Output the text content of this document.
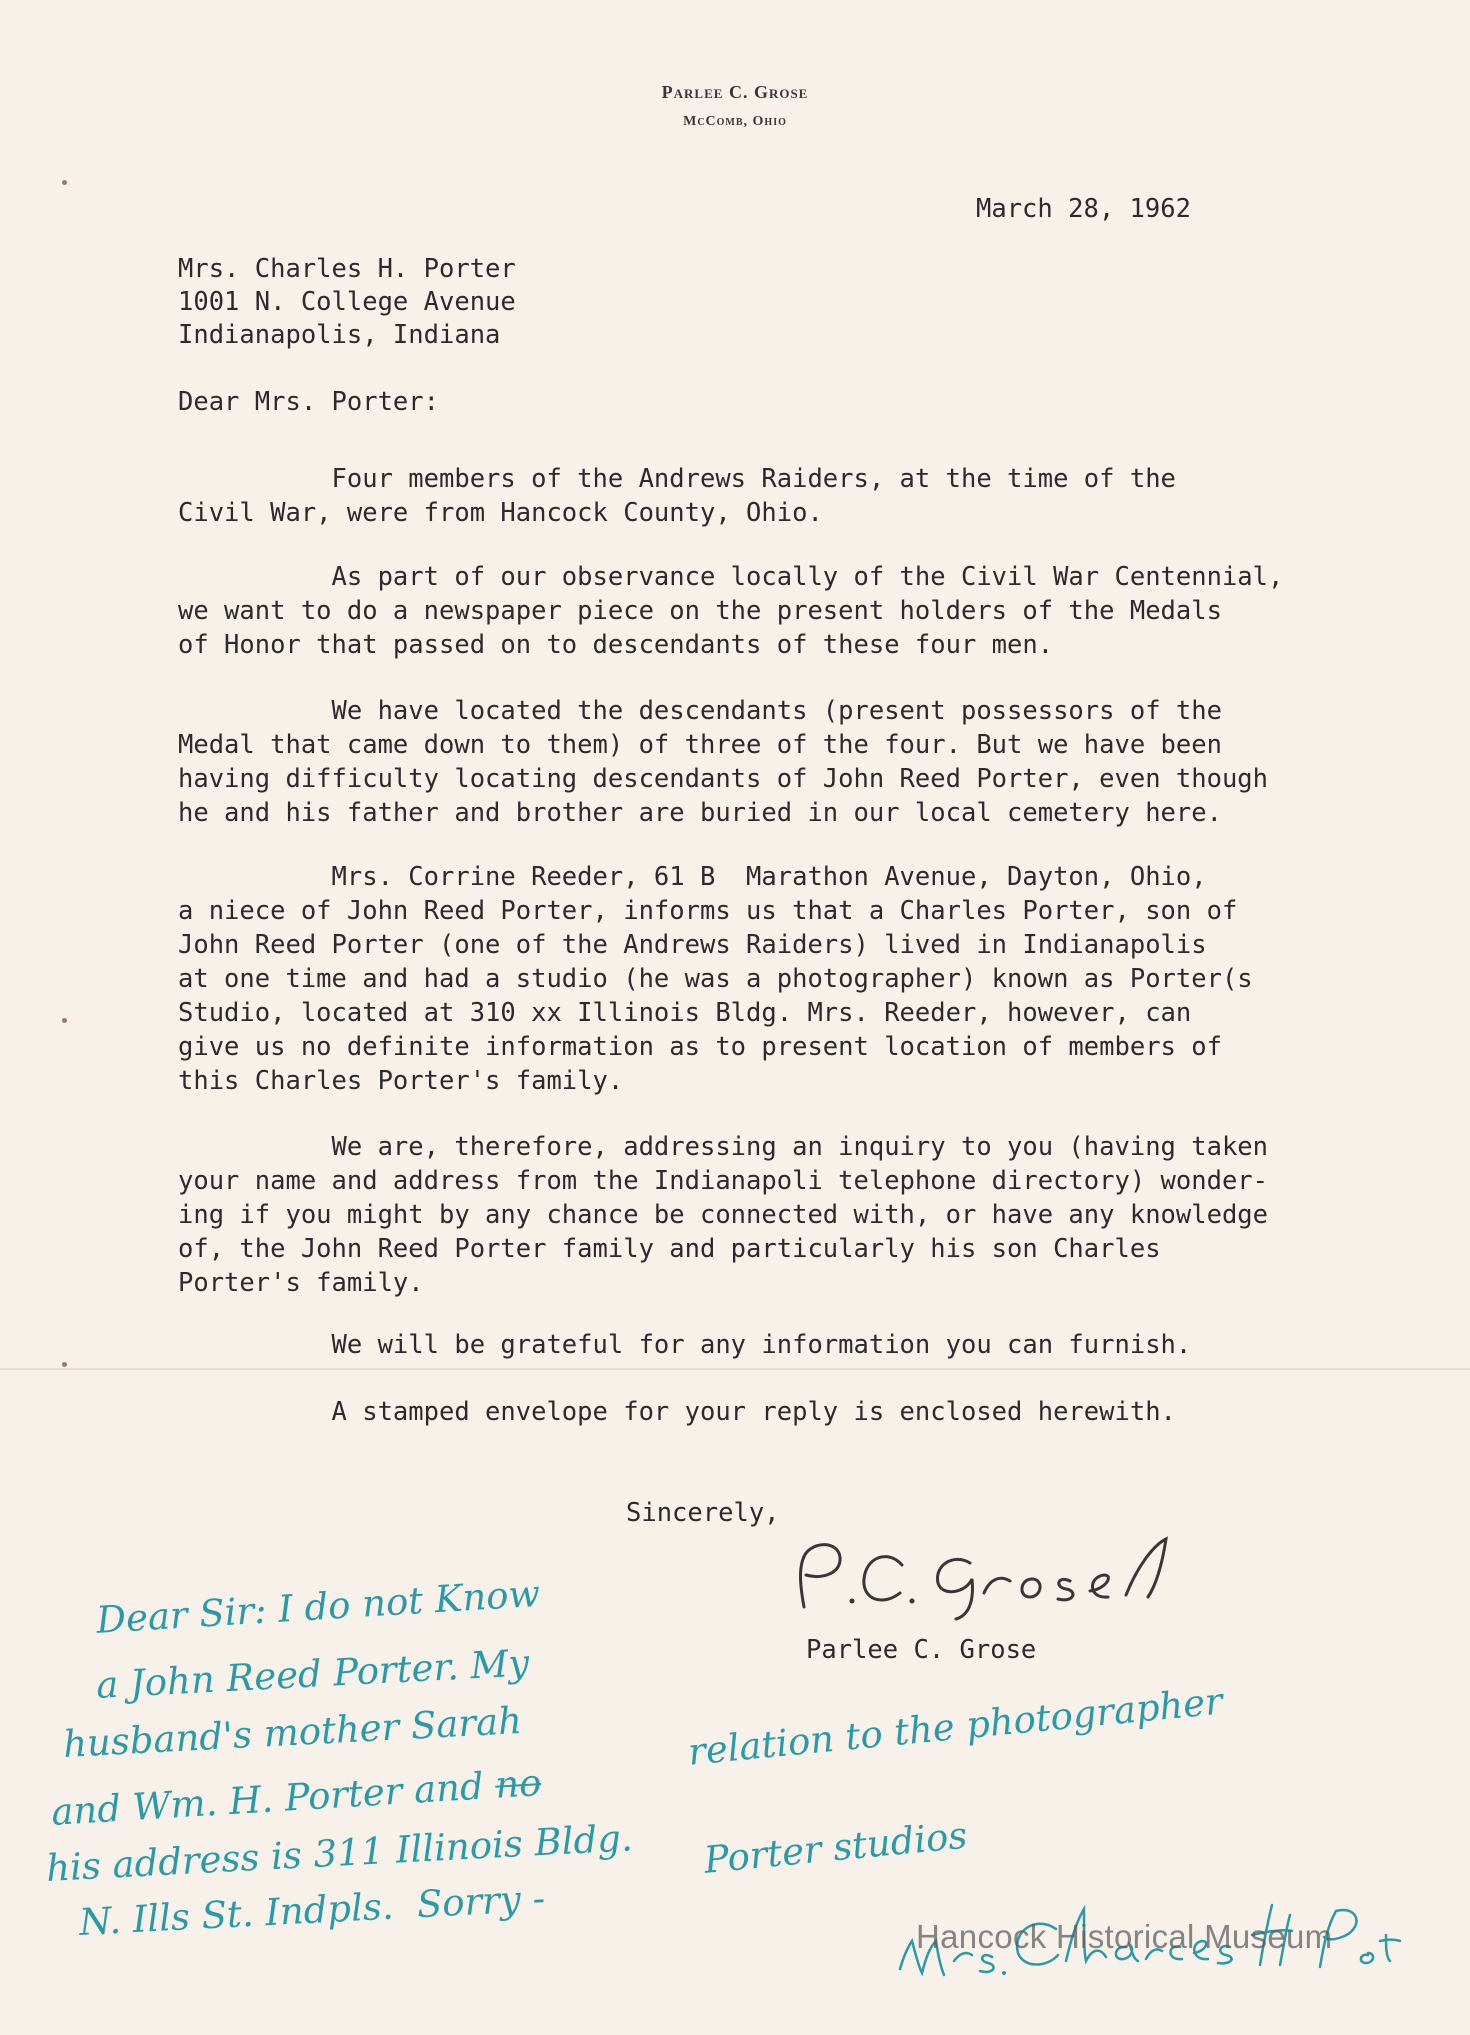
Parlee C. Grose
McComb, Ohio
March 28, 1962
Mrs. Charles H. Porter
1001 N. College Avenue
Indianapolis, Indiana
Dear Mrs. Porter:
Four members of the Andrews Raiders, at the time of the
Civil War, were from Hancock County, Ohio.
As part of our observance locally of the Civil War Centennial,
we want to do a newspaper piece on the present holders of the Medals
of Honor that passed on to descendants of these four men.
We have located the descendants (present possessors of the
Medal that came down to them) of three of the four. But we have been
having difficulty locating descendants of John Reed Porter, even though
he and his father and brother are buried in our local cemetery here.
Mrs. Corrine Reeder, 61 B  Marathon Avenue, Dayton, Ohio,
a niece of John Reed Porter, informs us that a Charles Porter, son of
John Reed Porter (one of the Andrews Raiders) lived in Indianapolis
at one time and had a studio (he was a photographer) known as Porter(s
Studio, located at 310 xx Illinois Bldg. Mrs. Reeder, however, can
give us no definite information as to present location of members of
this Charles Porter's family.
We are, therefore, addressing an inquiry to you (having taken
your name and address from the Indianapoli telephone directory) wonder-
ing if you might by any chance be connected with, or have any knowledge
of, the John Reed Porter family and particularly his son Charles
Porter's family.
We will be grateful for any information you can furnish.
A stamped envelope for your reply is enclosed herewith.
Sincerely,
Parlee C. Grose
Dear Sir: I do not Know
a John Reed Porter. My
husband's mother Sarah
and Wm. H. Porter and no
his address is 311 Illinois Bldg.
N. Ills St. Indpls.  Sorry -
relation to the photographer
Porter studios
Hancock Historical Museum
